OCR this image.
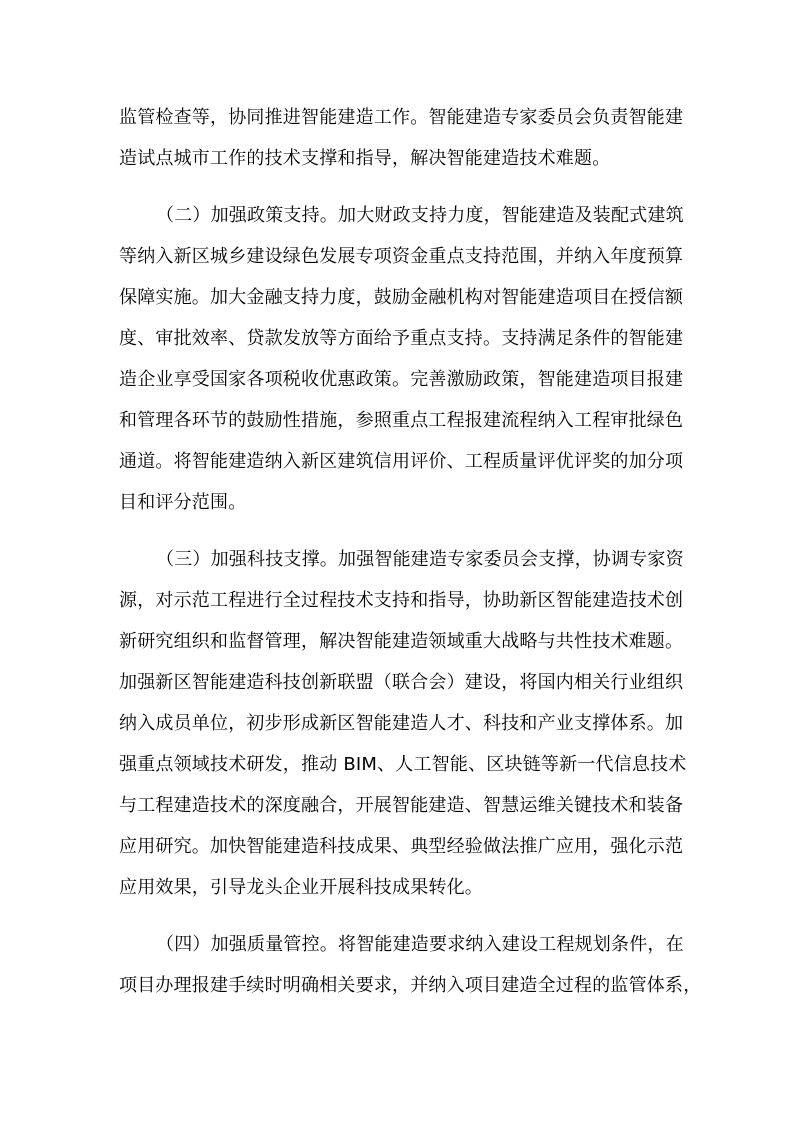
监管检查等，协同推进智能建造工作。智能建造专家委员会负责智能建
造试点城市工作的技术支撑和指导，解决智能建造技术难题。
（二）加强政策支持。加大财政支持力度，智能建造及装配式建筑
等纳入新区城乡建设绿色发展专项资金重点支持范围，并纳入年度预算
保障实施。加大金融支持力度，鼓励金融机构对智能建造项目在授信额
度、审批效率、贷款发放等方面给予重点支持。支持满足条件的智能建
造企业享受国家各项税收优惠政策。完善激励政策，智能建造项目报建
和管理各环节的鼓励性措施，参照重点工程报建流程纳入工程审批绿色
通道。将智能建造纳入新区建筑信用评价、工程质量评优评奖的加分项
目和评分范围。
（三）加强科技支撑。加强智能建造专家委员会支撑，协调专家资
源，对示范工程进行全过程技术支持和指导，协助新区智能建造技术创
新研究组织和监督管理，解决智能建造领域重大战略与共性技术难题。
加强新区智能建造科技创新联盟（联合会）建设，将国内相关行业组织
纳入成员单位，初步形成新区智能建造人才、科技和产业支撑体系。加
强重点领域技术研发，推动 BIM、人工智能、区块链等新一代信息技术
与工程建造技术的深度融合，开展智能建造、智慧运维关键技术和装备
应用研究。加快智能建造科技成果、典型经验做法推广应用，强化示范
应用效果，引导龙头企业开展科技成果转化。
（四）加强质量管控。将智能建造要求纳入建设工程规划条件，在
项目办理报建手续时明确相关要求，并纳入项目建造全过程的监管体系，
